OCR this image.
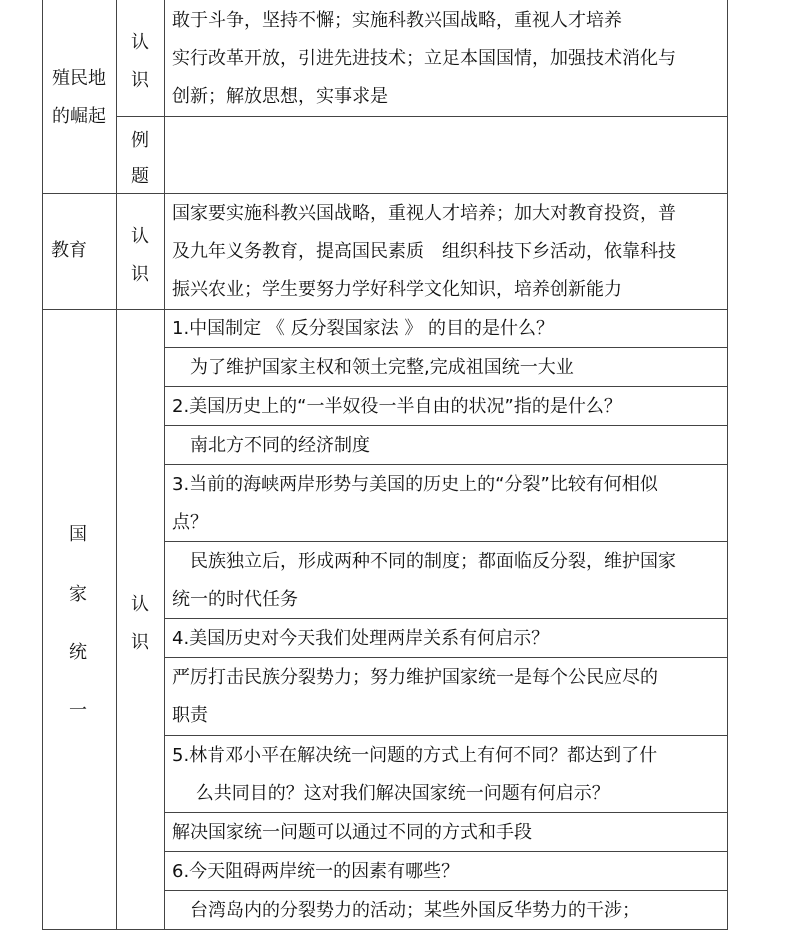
殖民地
的崛起
认
识
例
题
敢于斗争，坚持不懈；实施科教兴国战略，重视人才培养
实行改革开放，引进先进技术；立足本国国情，加强技术消化与
创新；解放思想，实事求是
教育
认
识
国家要实施科教兴国战略，重视人才培养；加大对教育投资，普
及九年义务教育，提高国民素质　组织科技下乡活动，依靠科技
振兴农业；学生要努力学好科学文化知识，培养创新能力
国
家
统
一
认
识
1.中国制定 《 反分裂国家法 》 的目的是什么？
　为了维护国家主权和领土完整,完成祖国统一大业
2.美国历史上的“一半奴役一半自由的状况”指的是什么？
　南北方不同的经济制度
3.当前的海峡两岸形势与美国的历史上的“分裂”比较有何相似
点？
　民族独立后，形成两种不同的制度；都面临反分裂，维护国家
统一的时代任务
4.美国历史对今天我们处理两岸关系有何启示？
严厉打击民族分裂势力；努力维护国家统一是每个公民应尽的
职责
5.林肯邓小平在解决统一问题的方式上有何不同？都达到了什
　 么共同目的？这对我们解决国家统一问题有何启示？
解决国家统一问题可以通过不同的方式和手段
6.今天阻碍两岸统一的因素有哪些？
　台湾岛内的分裂势力的活动；某些外国反华势力的干涉；
